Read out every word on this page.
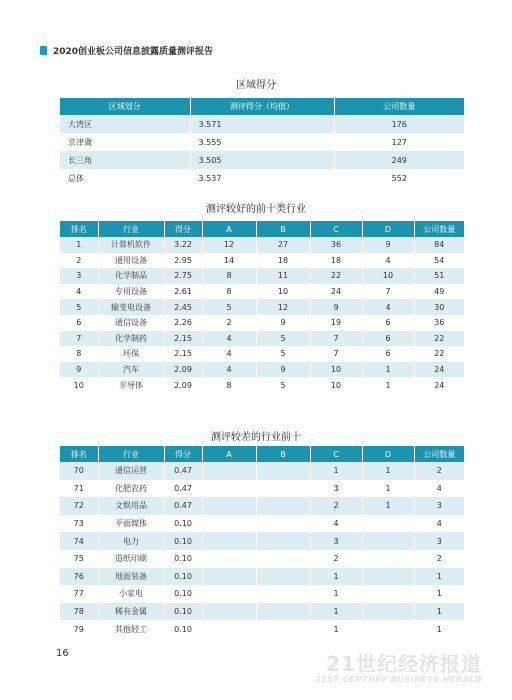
2020创业板公司信息披露质量测评报告
区域得分
区域划分	测评得分（均值）	公司数量
大湾区	3.571	176
京津冀	3.555	127
长三角	3.505	249
总体	3.537	552
测评较好的前十类行业
排名	行业	得分	A	B	C	D	公司数量
1	计算机软件	3.22	12	27	36	9	84
2	通用设备	2.95	14	18	18	4	54
3	化学制品	2.75	8	11	22	10	51
4	专用设备	2.61	8	10	24	7	49
5	输变电设备	2.45	5	12	9	4	30
6	通信设备	2.26	2	9	19	6	36
7	化学制药	2.15	4	5	7	6	22
8	环保	2.15	4	5	7	6	22
9	汽车	2.09	4	9	10	1	24
10	半导体	2.09	8	5	10	1	24
测评较差的行业前十
排名	行业	得分	A	B	C	D	公司数量
70	通信运营	0.47			1	1	2
71	化肥农药	0.47			3	1	4
72	文娱用品	0.47			2	1	3
73	平面媒体	0.10			4		4
74	电力	0.10			3		3
75	造纸印刷	0.10			2		2
76	地面装备	0.10			1		1
77	小家电	0.10			1		1
78	稀有金属	0.10			1		1
79	其他轻工	0.10			1		1
16	21世纪经济报道
21ST CENTURY BUSINESS HERALD
